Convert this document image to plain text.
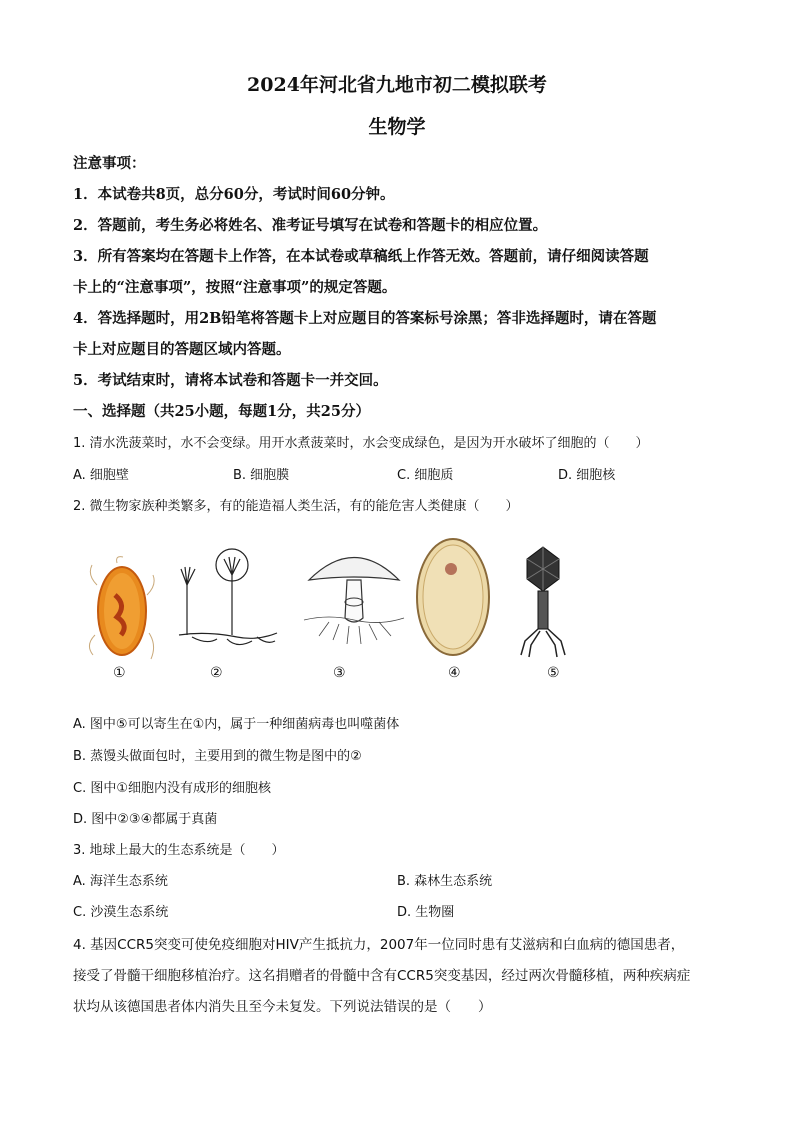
2024年河北省九地市初二模拟联考
生物学
注意事项：
1．本试卷共8页，总分60分，考试时间60分钟。
2．答题前，考生务必将姓名、准考证号填写在试卷和答题卡的相应位置。
3．所有答案均在答题卡上作答，在本试卷或草稿纸上作答无效。答题前，请仔细阅读答题
卡上的“注意事项”，按照“注意事项”的规定答题。
4．答选择题时，用2B铅笔将答题卡上对应题目的答案标号涂黑；答非选择题时，请在答题
卡上对应题目的答题区域内答题。
5．考试结束时，请将本试卷和答题卡一并交回。
一、选择题（共25小题，每题1分，共25分）
1. 清水洗菠菜时，水不会变绿。用开水煮菠菜时，水会变成绿色，是因为开水破坏了细胞的（　　）
A. 细胞壁	B. 细胞膜	C. 细胞质	D. 细胞核
2. 微生物家族种类繁多，有的能造福人类生活，有的能危害人类健康（　　）
①	②	③	④	⑤
A. 图中⑤可以寄生在①内，属于一种细菌病毒也叫噬菌体
B. 蒸馒头做面包时，主要用到的微生物是图中的②
C. 图中①细胞内没有成形的细胞核
D. 图中②③④都属于真菌
3. 地球上最大的生态系统是（　　）
A. 海洋生态系统	B. 森林生态系统
C. 沙漠生态系统	D. 生物圈
4. 基因CCR5突变可使免疫细胞对HIV产生抵抗力，2007年一位同时患有艾滋病和白血病的德国患者，
接受了骨髓干细胞移植治疗。这名捐赠者的骨髓中含有CCR5突变基因，经过两次骨髓移植，两种疾病症
状均从该德国患者体内消失且至今未复发。下列说法错误的是（　　）
